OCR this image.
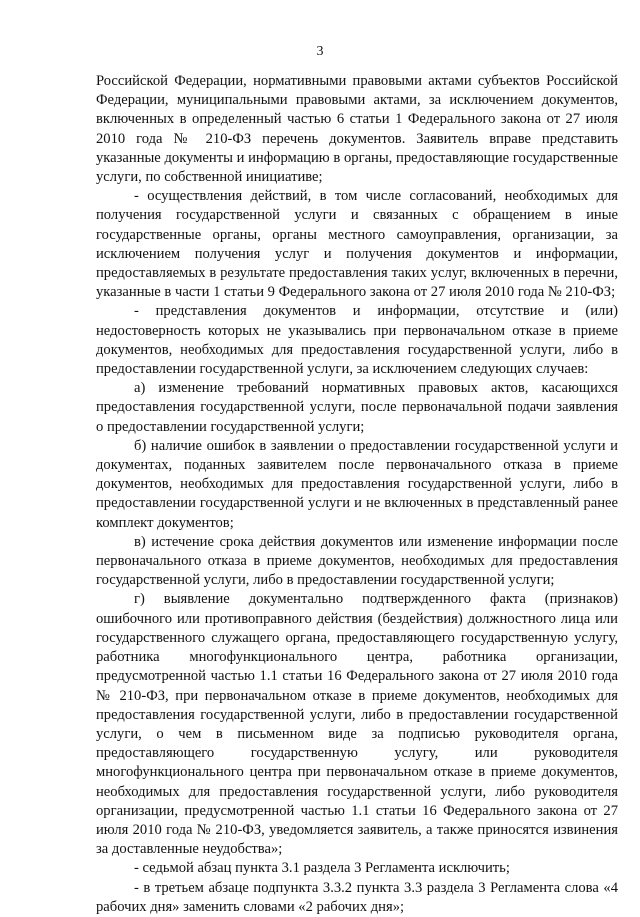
3

Российской Федерации, нормативными правовыми актами субъектов Российской Федерации, муниципальными правовыми актами, за исключением документов, включенных в определенный частью 6 статьи 1 Федерального закона от 27 июля 2010 года № 210-ФЗ перечень документов. Заявитель вправе представить указанные документы и информацию в органы, предоставляющие государственные услуги, по собственной инициативе;

- осуществления действий, в том числе согласований, необходимых для получения государственной услуги и связанных с обращением в иные государственные органы, органы местного самоуправления, организации, за исключением получения услуг и получения документов и информации, предоставляемых в результате предоставления таких услуг, включенных в перечни, указанные в части 1 статьи 9 Федерального закона от 27 июля 2010 года № 210-ФЗ;

- представления документов и информации, отсутствие и (или) недостоверность которых не указывались при первоначальном отказе в приеме документов, необходимых для предоставления государственной услуги, либо в предоставлении государственной услуги, за исключением следующих случаев:

а) изменение требований нормативных правовых актов, касающихся предоставления государственной услуги, после первоначальной подачи заявления о предоставлении государственной услуги;

б) наличие ошибок в заявлении о предоставлении государственной услуги и документах, поданных заявителем после первоначального отказа в приеме документов, необходимых для предоставления государственной услуги, либо в предоставлении государственной услуги и не включенных в представленный ранее комплект документов;

в) истечение срока действия документов или изменение информации после первоначального отказа в приеме документов, необходимых для предоставления государственной услуги, либо в предоставлении государственной услуги;

г) выявление документально подтвержденного факта (признаков) ошибочного или противоправного действия (бездействия) должностного лица или государственного служащего органа, предоставляющего государственную услугу, работника многофункционального центра, работника организации, предусмотренной частью 1.1 статьи 16 Федерального закона от 27 июля 2010 года № 210-ФЗ, при первоначальном отказе в приеме документов, необходимых для предоставления государственной услуги, либо в предоставлении государственной услуги, о чем в письменном виде за подписью руководителя органа, предоставляющего государственную услугу, или руководителя многофункционального центра при первоначальном отказе в приеме документов, необходимых для предоставления государственной услуги, либо руководителя организации, предусмотренной частью 1.1 статьи 16 Федерального закона от 27 июля 2010 года № 210-ФЗ, уведомляется заявитель, а также приносятся извинения за доставленные неудобства»;

- седьмой абзац пункта 3.1 раздела 3 Регламента исключить;

- в третьем абзаце подпункта 3.3.2 пункта 3.3 раздела 3 Регламента слова «4 рабочих дня» заменить словами «2 рабочих дня»;
